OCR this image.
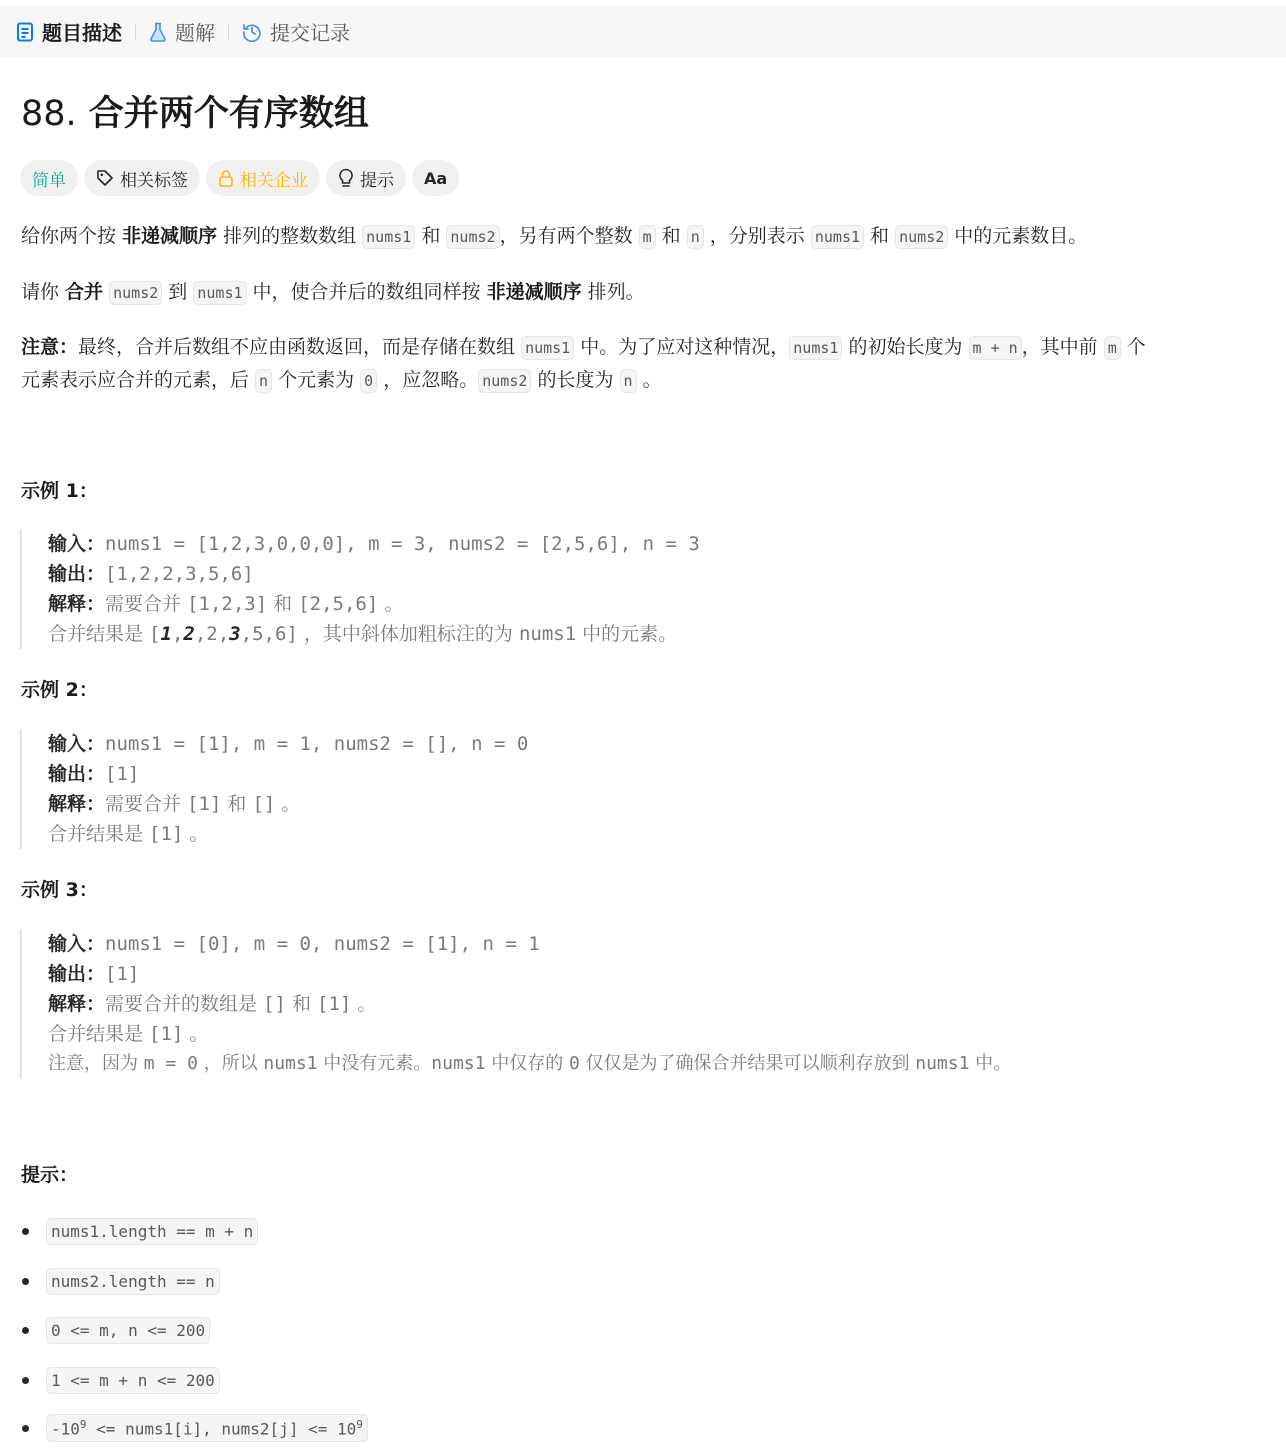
题目描述	题解	提交记录
88. 合并两个有序数组
简单	相关标签	相关企业	提示 Aa

给你两个按 非递减顺序 排列的整数数组 nums1 和 nums2 ，另有两个整数 m 和 n ，分别表示 nums1 和 nums2 中的元素数目。

请你 合并 nums2 到 nums1 中，使合并后的数组同样按 非递减顺序 排列。

注意：最终，合并后数组不应由函数返回，而是存储在数组 nums1 中。为了应对这种情况， nums1 的初始长度为 m + n ，其中前 m 个

元素表示应合并的元素，后 n 个元素为 0 ，应忽略。 nums2 的长度为 n 。

示例 1：
输入：nums1 = [1,2,3,0,0,0], m = 3, nums2 = [2,5,6], n = 3
输出：[1,2,2,3,5,6]
解释：需要合并 [1,2,3] 和 [2,5,6] 。
合并结果是 [1,2,2,3,5,6] ，其中斜体加粗标注的为 nums1 中的元素。
示例 2：
输入：nums1 = [1], m = 1, nums2 = [], n = 0
输出：[1]
解释：需要合并 [1] 和 [] 。
合并结果是 [1] 。
示例 3：
输入：nums1 = [0], m = 0, nums2 = [1], n = 1
输出：[1]
解释：需要合并的数组是 [] 和 [1] 。
合并结果是 [1] 。
注意，因为 m = 0 ，所以 nums1 中没有元素。nums1 中仅存的 0 仅仅是为了确保合并结果可以顺利存放到 nums1 中。
提示：
nums1.length == m + n
nums2.length == n
0 <= m, n <= 200
1 <= m + n <= 200
$-10^9$ <= nums1[i], nums2[j] <= $10^9$
